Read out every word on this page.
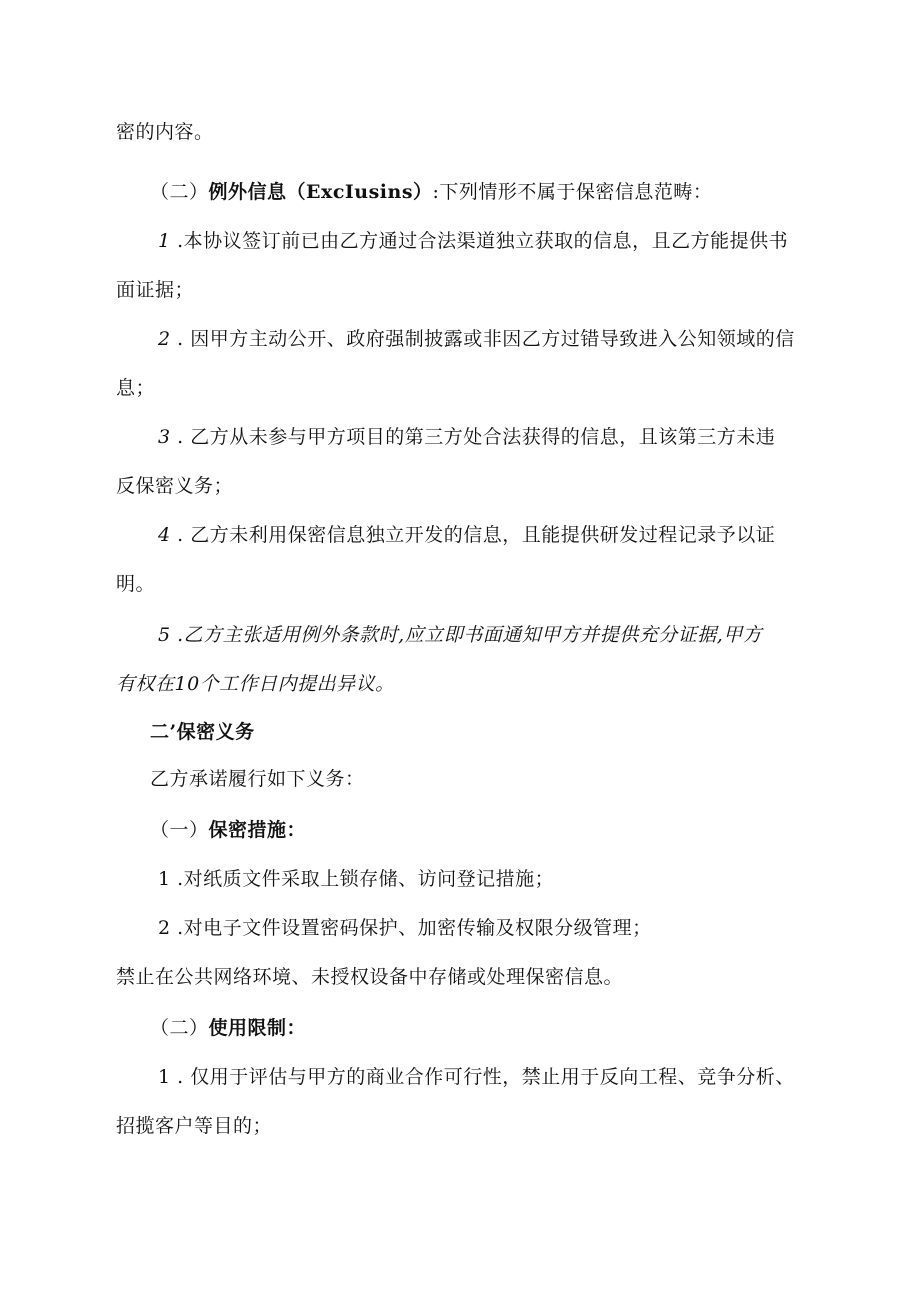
密的内容。
（二）例外信息（ExcIusins）:下列情形不属于保密信息范畴：
1 .本协议签订前已由乙方通过合法渠道独立获取的信息，且乙方能提供书
面证据；
2 . 因甲方主动公开、政府强制披露或非因乙方过错导致进入公知领域的信
息；
3 . 乙方从未参与甲方项目的第三方处合法获得的信息，且该第三方未违
反保密义务；
4 . 乙方未利用保密信息独立开发的信息，且能提供研发过程记录予以证
明。
5 .乙方主张适用例外条款时,应立即书面通知甲方并提供充分证据,甲方
有权在10个工作日内提出异议。
二’保密义务
乙方承诺履行如下义务：
（一）保密措施：
1 .对纸质文件采取上锁存储、访问登记措施；
2 .对电子文件设置密码保护、加密传输及权限分级管理；
禁止在公共网络环境、未授权设备中存储或处理保密信息。
（二）使用限制：
1 . 仅用于评估与甲方的商业合作可行性，禁止用于反向工程、竞争分析、
招揽客户等目的；
